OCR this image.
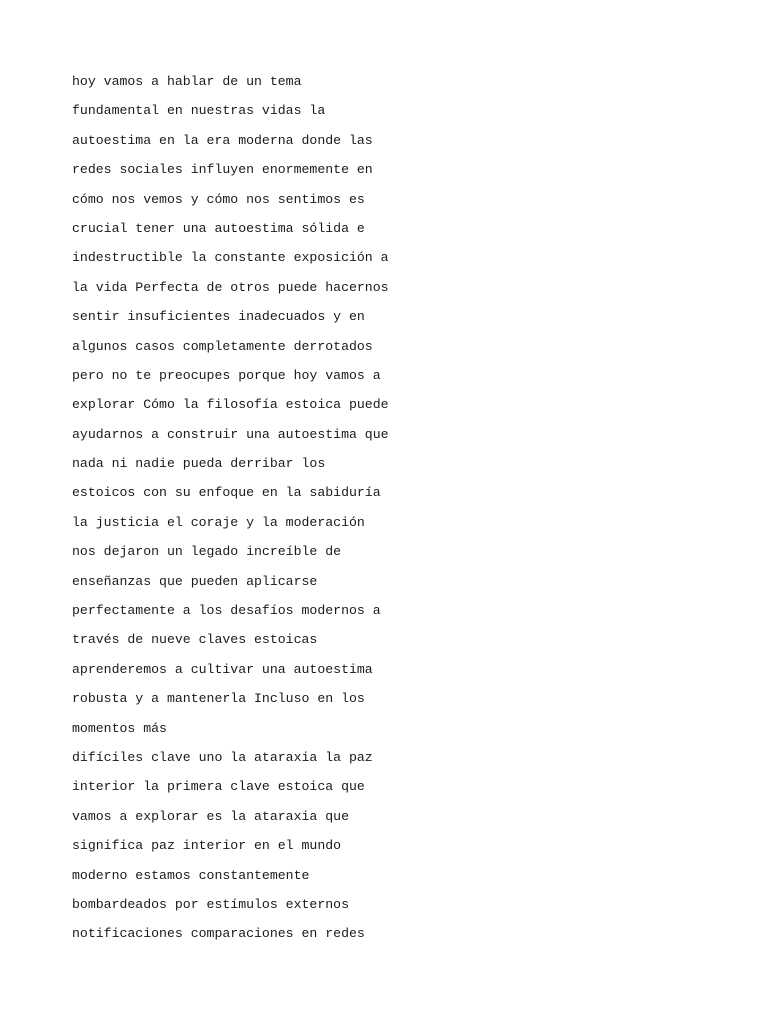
hoy vamos a hablar de un tema

fundamental en nuestras vidas la

autoestima en la era moderna donde las

redes sociales influyen enormemente en

cómo nos vemos y cómo nos sentimos es

crucial tener una autoestima sólida e

indestructible la constante exposición a

la vida Perfecta de otros puede hacernos

sentir insuficientes inadecuados y en

algunos casos completamente derrotados

pero no te preocupes porque hoy vamos a

explorar Cómo la filosofía estoica puede

ayudarnos a construir una autoestima que

nada ni nadie pueda derribar los

estoicos con su enfoque en la sabiduría

la justicia el coraje y la moderación

nos dejaron un legado increíble de

enseñanzas que pueden aplicarse

perfectamente a los desafíos modernos a

través de nueve claves estoicas

aprenderemos a cultivar una autoestima

robusta y a mantenerla Incluso en los

momentos más

difíciles clave uno la ataraxia la paz

interior la primera clave estoica que

vamos a explorar es la ataraxia que

significa paz interior en el mundo

moderno estamos constantemente

bombardeados por estímulos externos

notificaciones comparaciones en redes
